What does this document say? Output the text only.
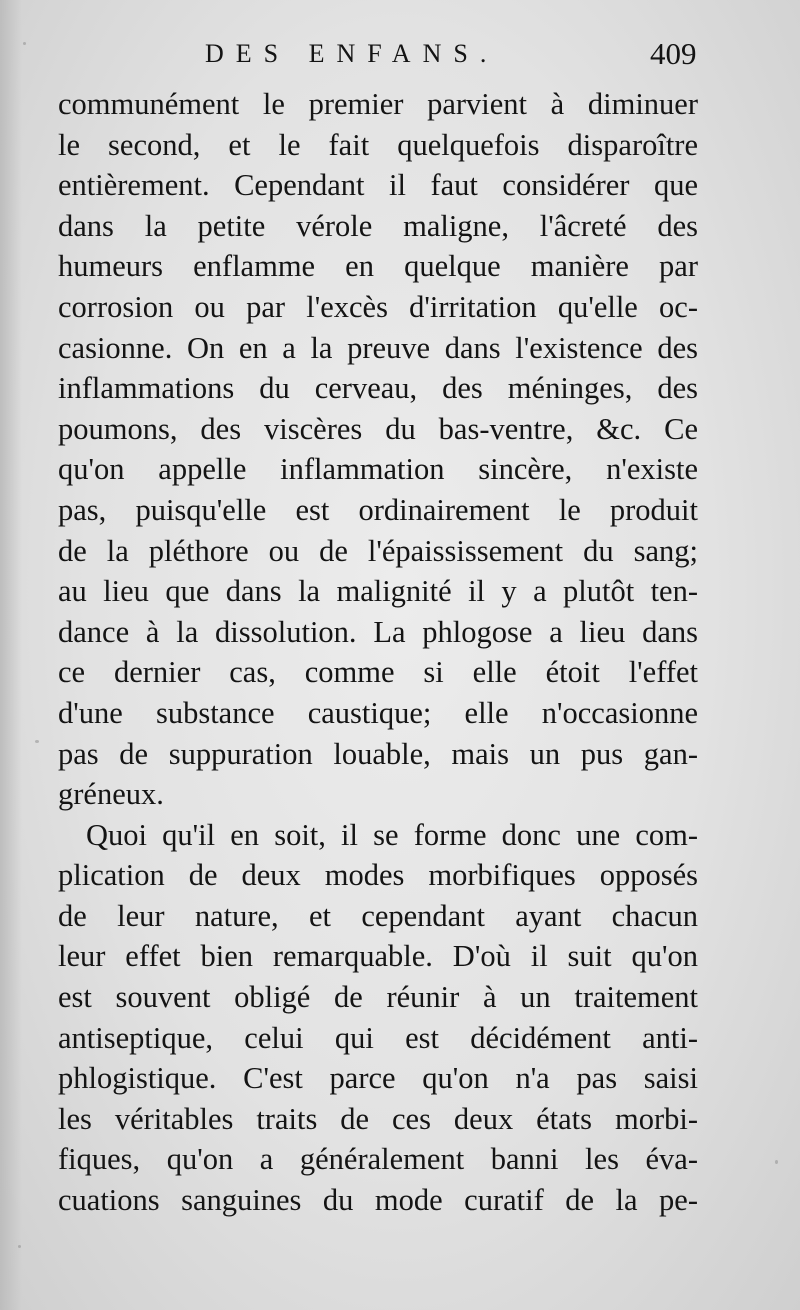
DES ENFANS.	409
communément le premier parvient à diminuer
le second, et le fait quelquefois disparoître
entièrement. Cependant il faut considérer que
dans la petite vérole maligne, l'âcreté des
humeurs enflamme en quelque manière par
corrosion ou par l'excès d'irritation qu'elle oc-
casionne. On en a la preuve dans l'existence des
inflammations du cerveau, des méninges, des
poumons, des viscères du bas-ventre, &c. Ce
qu'on appelle inflammation sincère, n'existe
pas, puisqu'elle est ordinairement le produit
de la pléthore ou de l'épaississement du sang;
au lieu que dans la malignité il y a plutôt ten-
dance à la dissolution. La phlogose a lieu dans
ce dernier cas, comme si elle étoit l'effet
d'une substance caustique; elle n'occasionne
pas de suppuration louable, mais un pus gan-
gréneux.
Quoi qu'il en soit, il se forme donc une com-
plication de deux modes morbifiques opposés
de leur nature, et cependant ayant chacun
leur effet bien remarquable. D'où il suit qu'on
est souvent obligé de réunir à un traitement
antiseptique, celui qui est décidément anti-
phlogistique. C'est parce qu'on n'a pas saisi
les véritables traits de ces deux états morbi-
fiques, qu'on a généralement banni les éva-
cuations sanguines du mode curatif de la pe-
